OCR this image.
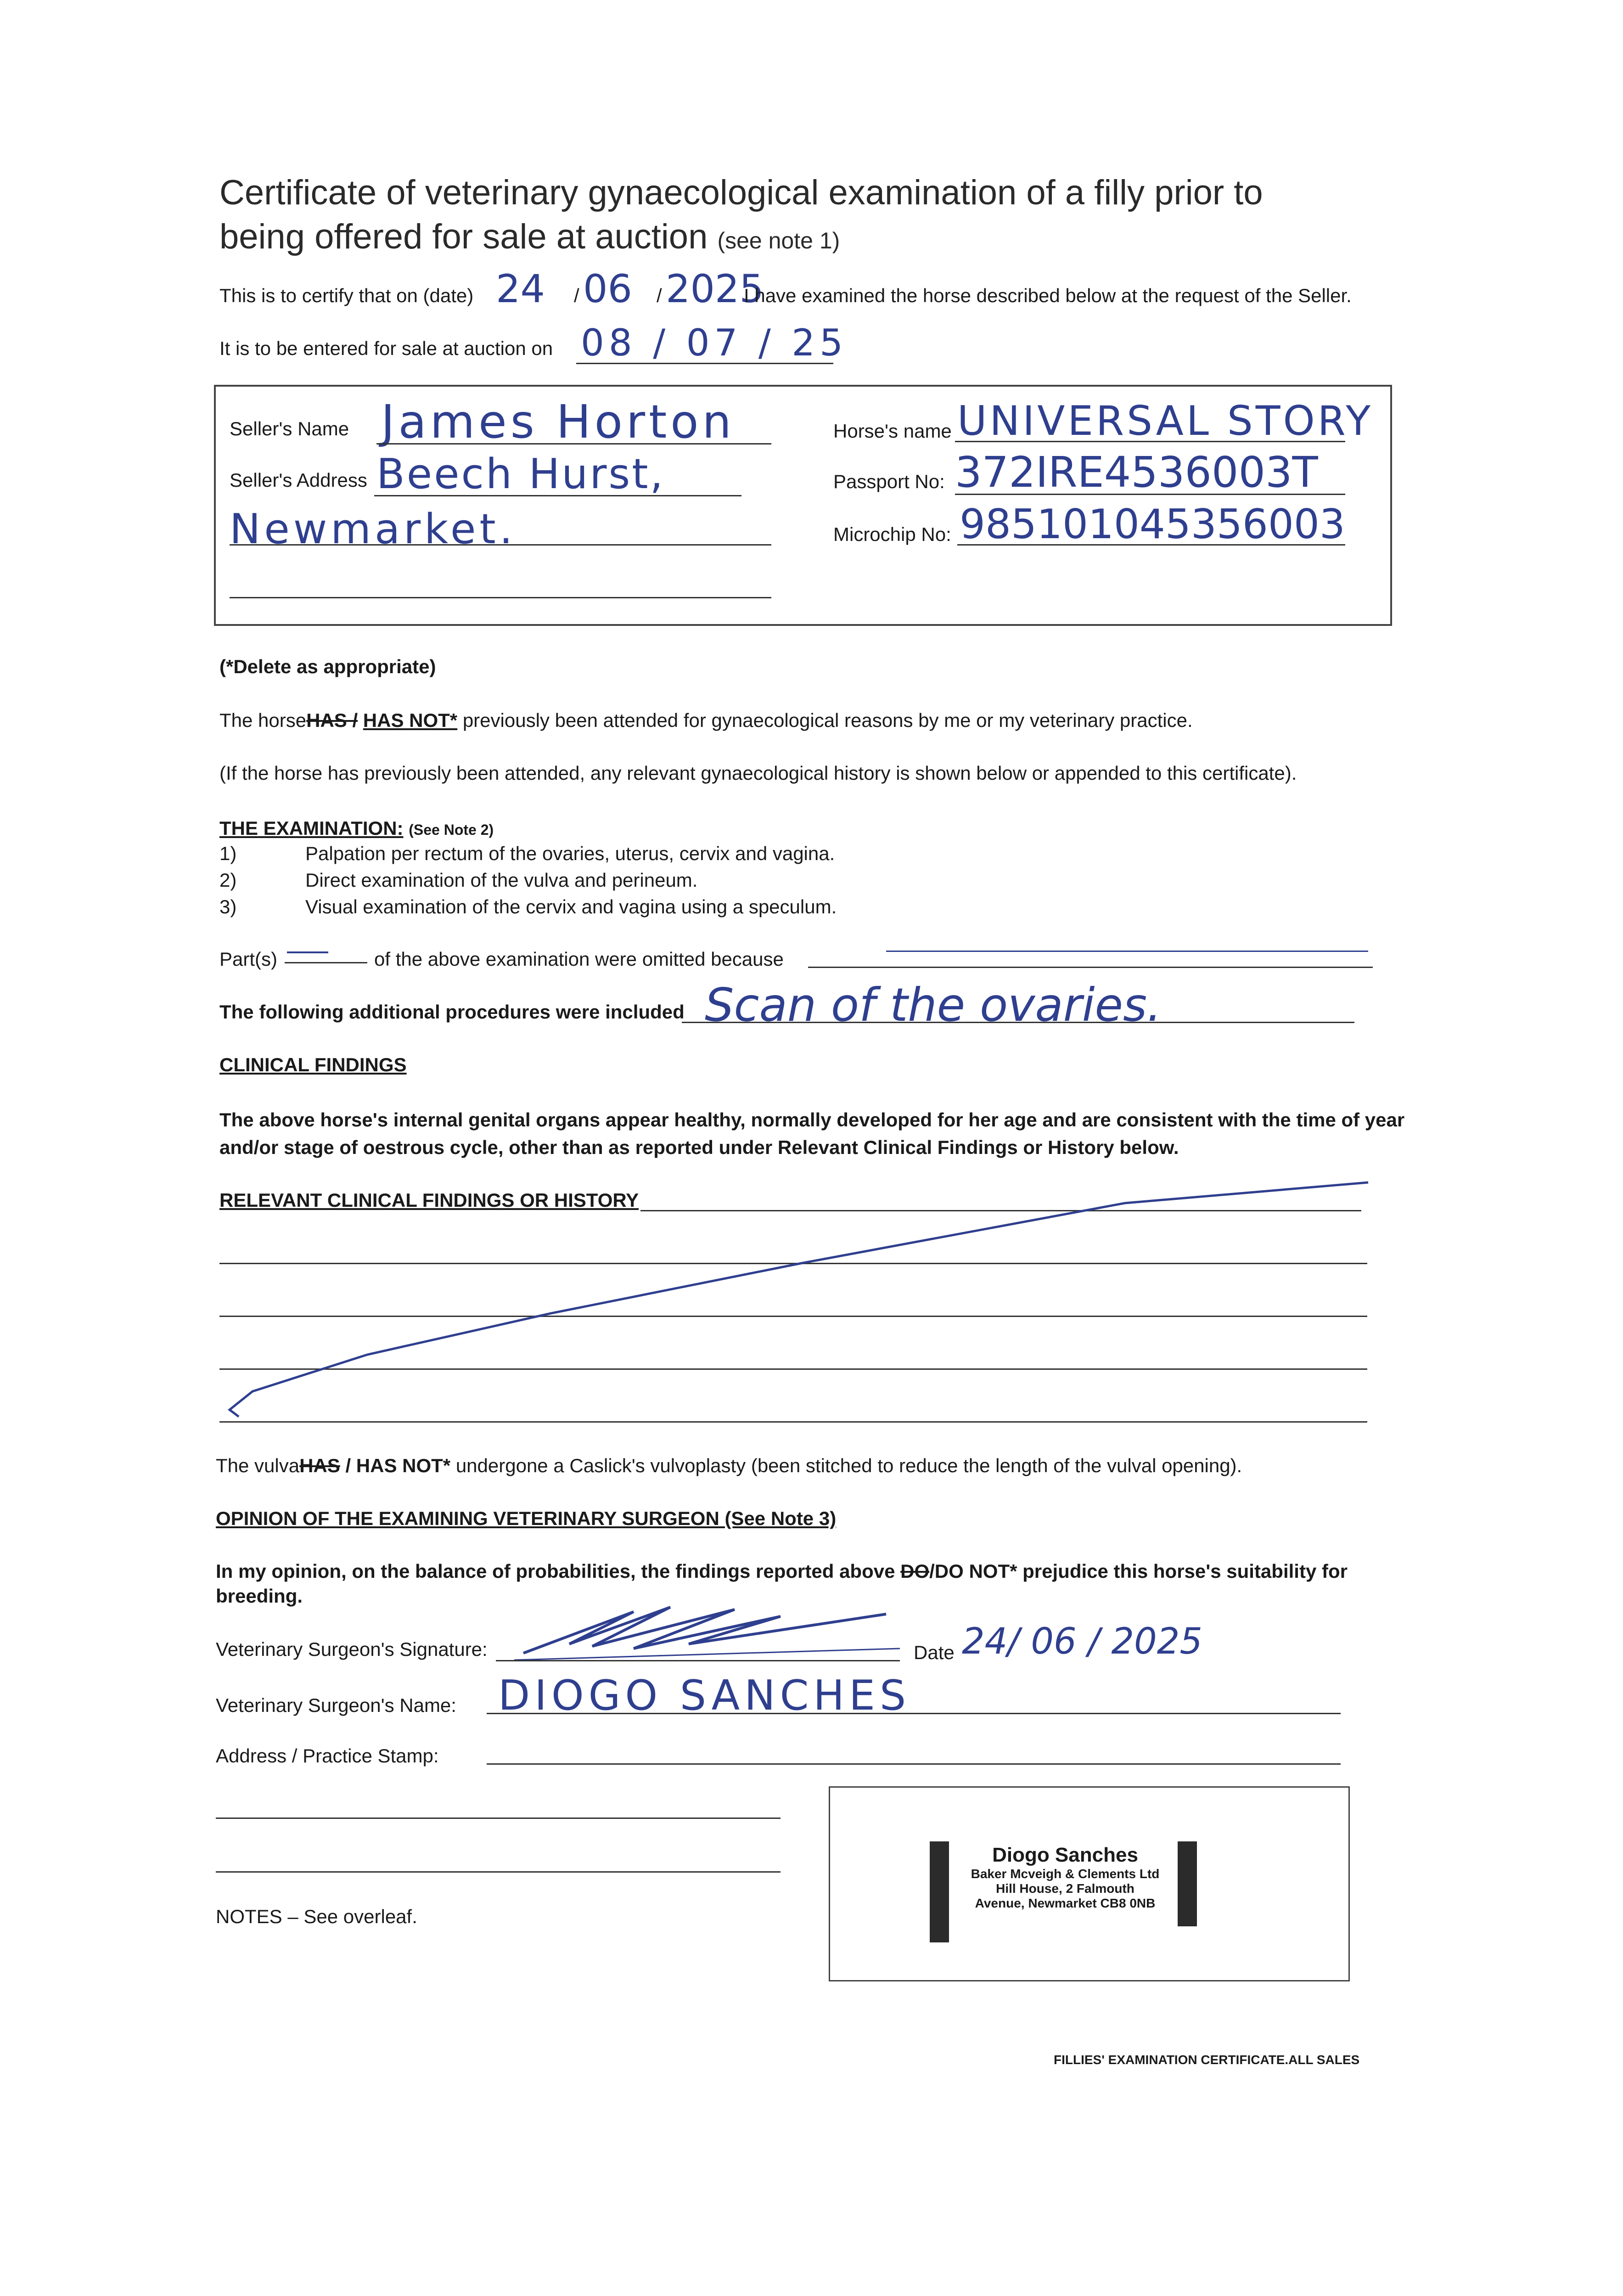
Certificate of veterinary gynaecological examination of a filly prior to
being offered for sale at auction (see note 1)
This is to certify that on (date) 24 / 06 / 2025
I have examined the horse described below at the request of the Seller.
It is to be entered for sale at auction on 08 / 07 / 25
Seller's Name James Horton
Seller's Address Beech Hurst,
Newmarket.
Horse's name UNIVERSAL STORY
Passport No: 372IRE4536003T
Microchip No: 985101045356003
(*Delete as appropriate)
The horseHAS / HAS NOT* previously been attended for gynaecological reasons by me or my veterinary practice.
(If the horse has previously been attended, any relevant gynaecological history is shown below or appended to this certificate).
THE EXAMINATION: (See Note 2)
1)	Palpation per rectum of the ovaries, uterus, cervix and vagina.
2)	Direct examination of the vulva and perineum.
3)	Visual examination of the cervix and vagina using a speculum.
Part(s)	of the above examination were omitted because
The following additional procedures were included Scan of the ovaries.
CLINICAL FINDINGS
The above horse's internal genital organs appear healthy, normally developed for her age and are consistent with the time of year
and/or stage of oestrous cycle, other than as reported under Relevant Clinical Findings or History below.
RELEVANT CLINICAL FINDINGS OR HISTORY
The vulvaHAS / HAS NOT* undergone a Caslick's vulvoplasty (been stitched to reduce the length of the vulval opening).
OPINION OF THE EXAMINING VETERINARY SURGEON (See Note 3)
In my opinion, on the balance of probabilities, the findings reported above DO/DO NOT* prejudice this horse's suitability for
breeding.
Veterinary Surgeon's Signature:	Date 24/ 06 / 2025
Veterinary Surgeon's Name: DIOGO SANCHES
Address / Practice Stamp:
Diogo Sanches
Baker Mcveigh & Clements Ltd
Hill House, 2 Falmouth
Avenue, Newmarket CB8 0NB
NOTES – See overleaf.
FILLIES' EXAMINATION CERTIFICATE.ALL SALES
